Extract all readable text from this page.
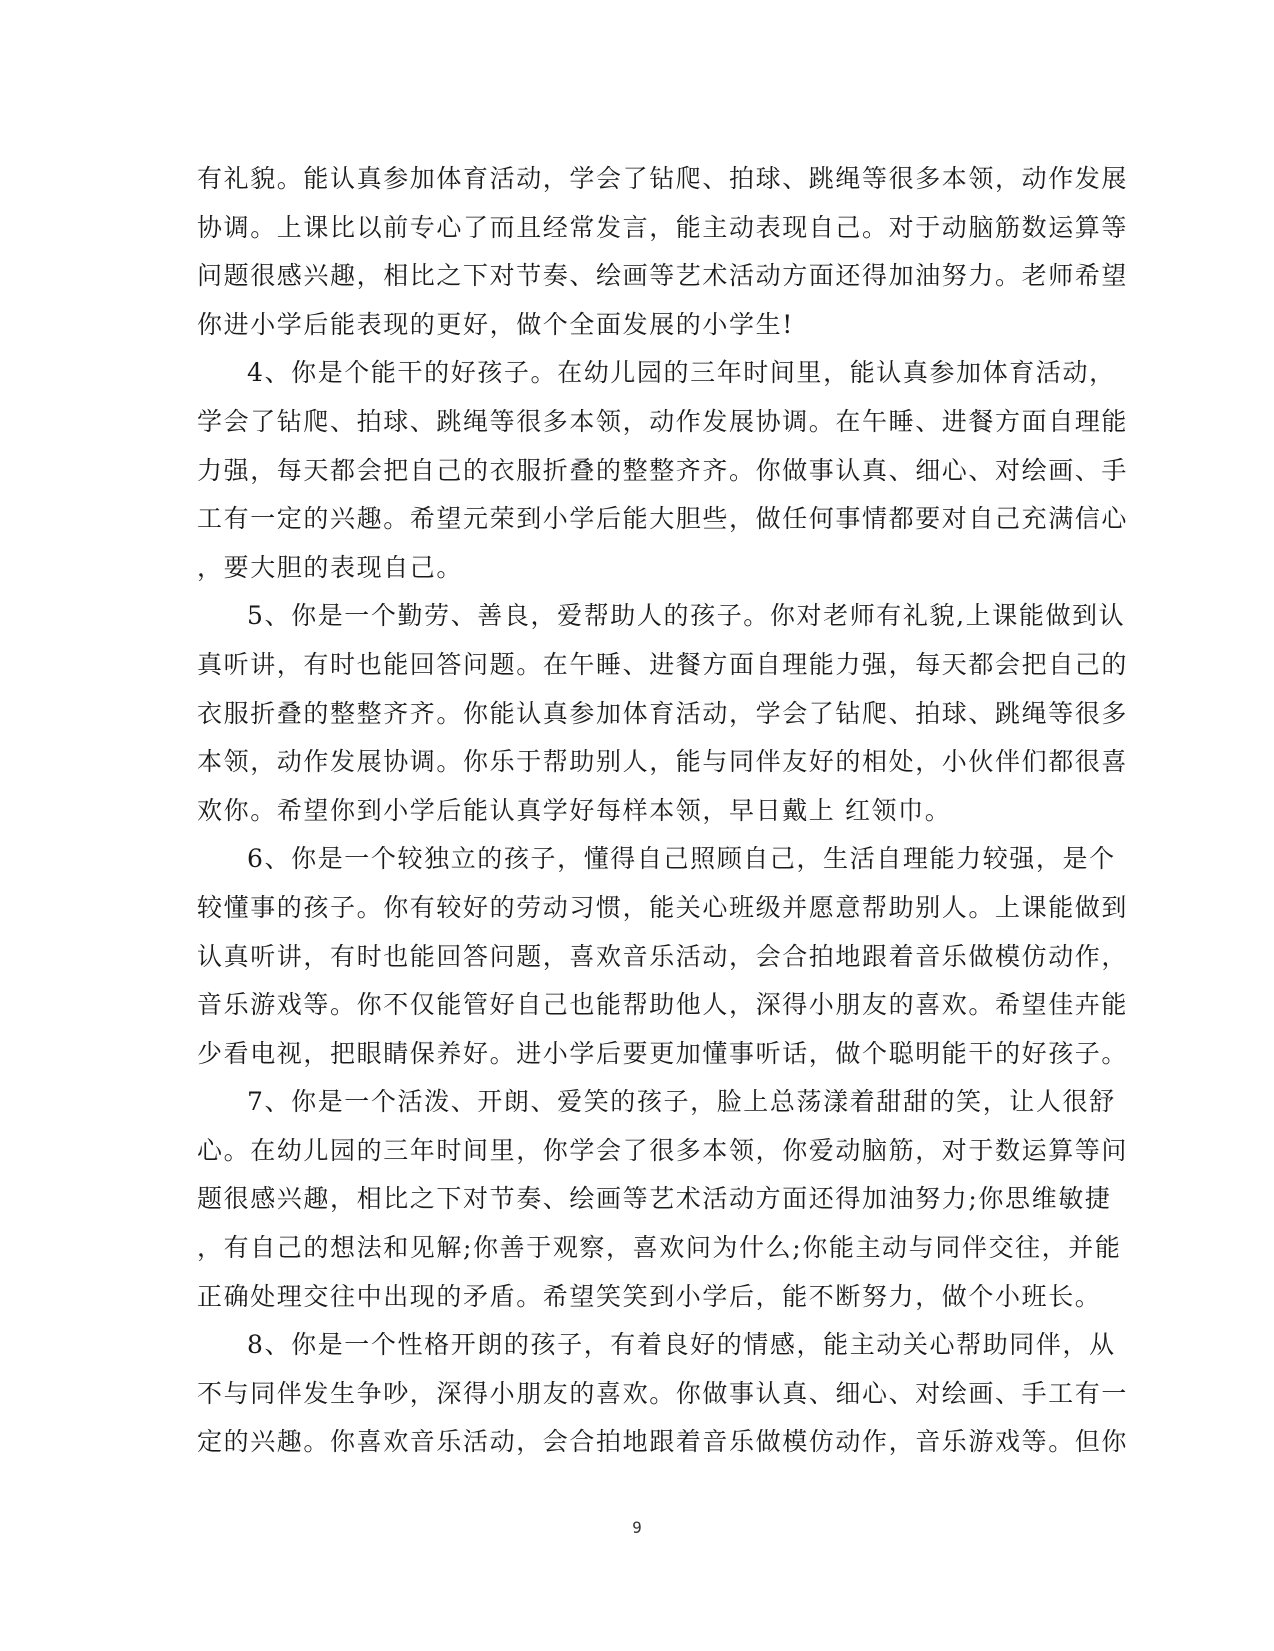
有礼貌。能认真参加体育活动，学会了钻爬、拍球、跳绳等很多本领，动作发展
协调。上课比以前专心了而且经常发言，能主动表现自己。对于动脑筋数运算等
问题很感兴趣，相比之下对节奏、绘画等艺术活动方面还得加油努力。老师希望
你进小学后能表现的更好，做个全面发展的小学生!
4、你是个能干的好孩子。在幼儿园的三年时间里，能认真参加体育活动，
学会了钻爬、拍球、跳绳等很多本领，动作发展协调。在午睡、进餐方面自理能
力强，每天都会把自己的衣服折叠的整整齐齐。你做事认真、细心、对绘画、手
工有一定的兴趣。希望元荣到小学后能大胆些，做任何事情都要对自己充满信心
，要大胆的表现自己。
5、你是一个勤劳、善良，爱帮助人的孩子。你对老师有礼貌,上课能做到认
真听讲，有时也能回答问题。在午睡、进餐方面自理能力强，每天都会把自己的
衣服折叠的整整齐齐。你能认真参加体育活动，学会了钻爬、拍球、跳绳等很多
本领，动作发展协调。你乐于帮助别人，能与同伴友好的相处，小伙伴们都很喜
欢你。希望你到小学后能认真学好每样本领，早日戴上 红领巾。
6、你是一个较独立的孩子，懂得自己照顾自己，生活自理能力较强，是个
较懂事的孩子。你有较好的劳动习惯，能关心班级并愿意帮助别人。上课能做到
认真听讲，有时也能回答问题，喜欢音乐活动，会合拍地跟着音乐做模仿动作，
音乐游戏等。你不仅能管好自己也能帮助他人，深得小朋友的喜欢。希望佳卉能
少看电视，把眼睛保养好。进小学后要更加懂事听话，做个聪明能干的好孩子。
7、你是一个活泼、开朗、爱笑的孩子，脸上总荡漾着甜甜的笑，让人很舒
心。在幼儿园的三年时间里，你学会了很多本领，你爱动脑筋，对于数运算等问
题很感兴趣，相比之下对节奏、绘画等艺术活动方面还得加油努力;你思维敏捷
，有自己的想法和见解;你善于观察，喜欢问为什么;你能主动与同伴交往，并能
正确处理交往中出现的矛盾。希望笑笑到小学后，能不断努力，做个小班长。
8、你是一个性格开朗的孩子，有着良好的情感，能主动关心帮助同伴，从
不与同伴发生争吵，深得小朋友的喜欢。你做事认真、细心、对绘画、手工有一
定的兴趣。你喜欢音乐活动，会合拍地跟着音乐做模仿动作，音乐游戏等。但你
9
